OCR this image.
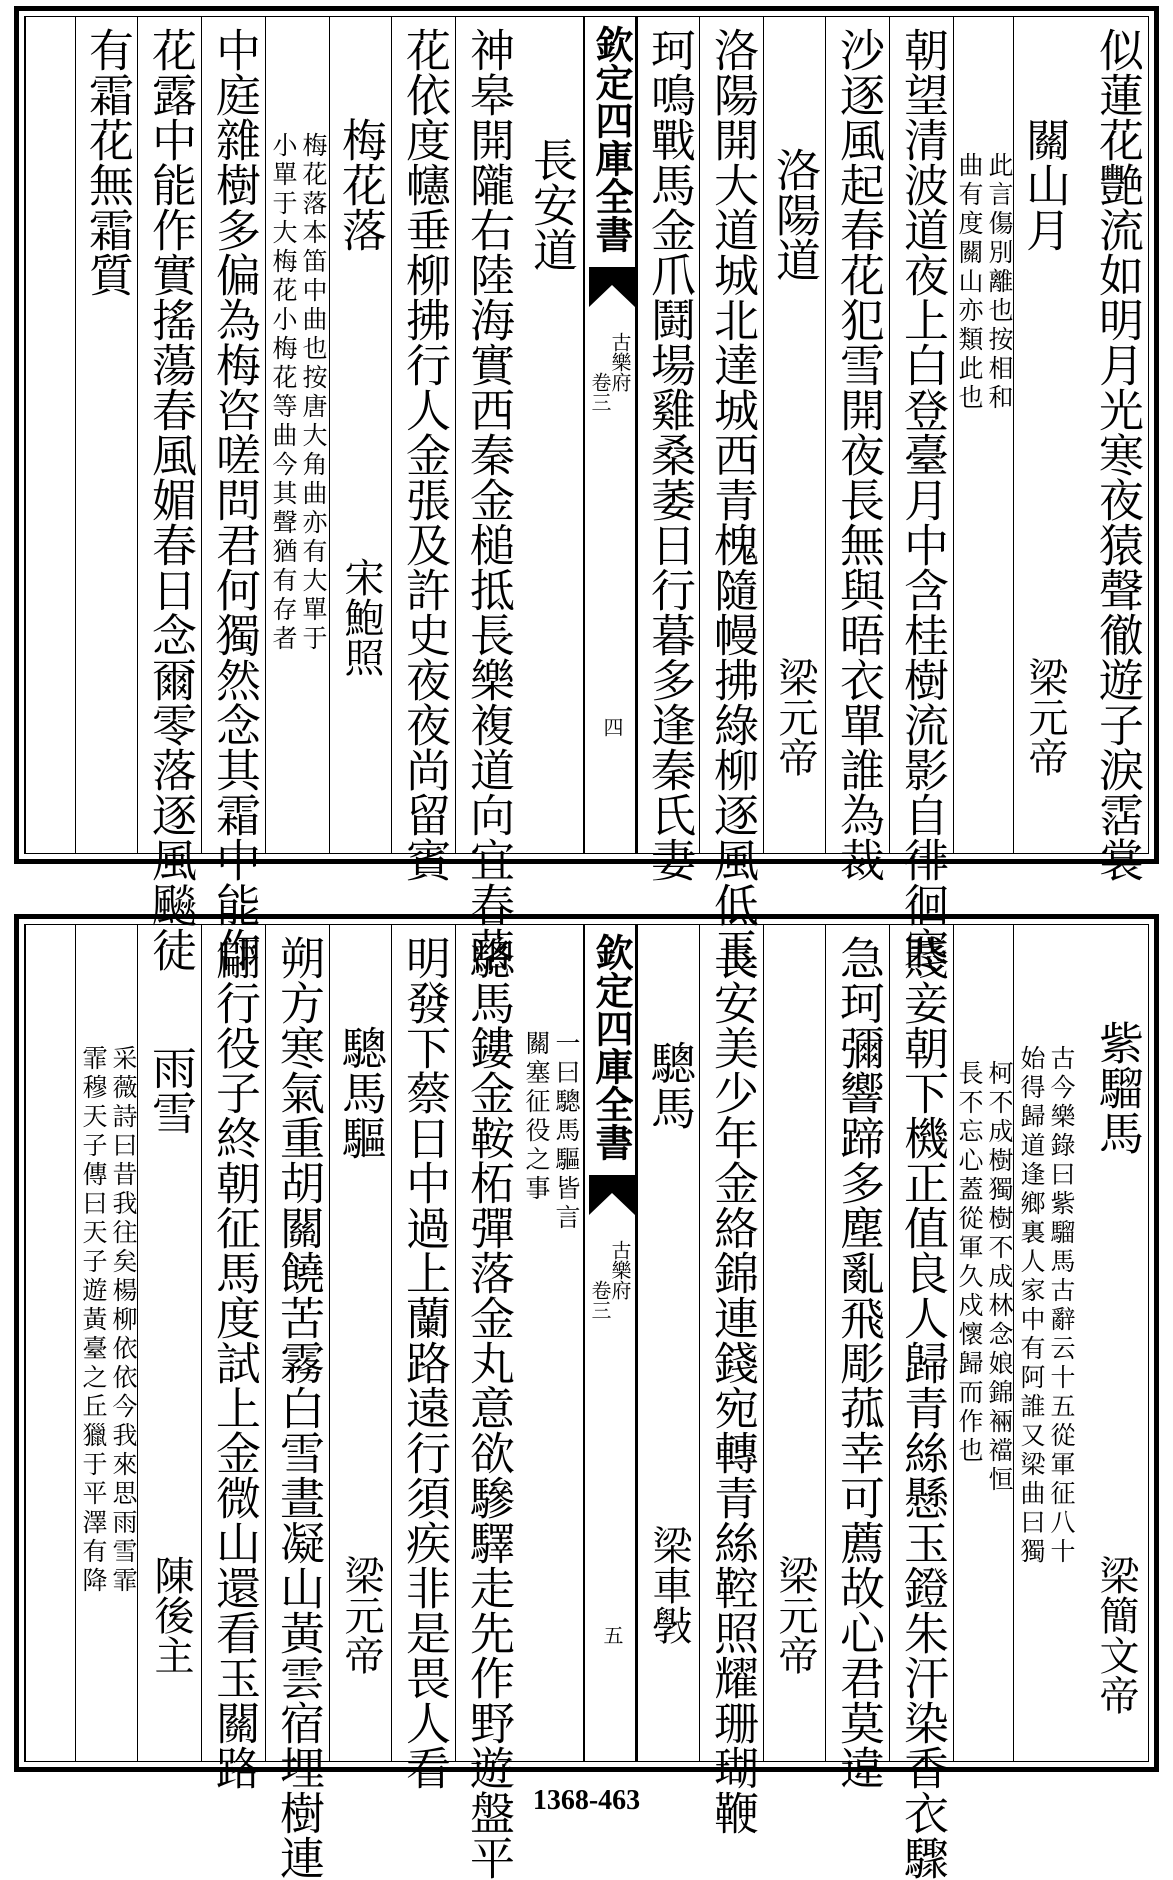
似蓮花艷流如明月光寒夜猿聲徹遊子淚霑裳
關山月
梁元帝
此言傷別離也按相和
曲有度關山亦類此也
朝望清波道夜上白登臺月中含桂樹流影自徘徊寒
沙逐風起春花犯雪開夜長無與晤衣單誰為裁
洛陽道
梁元帝
洛陽開大道城北達城西青槐隨幔拂綠柳逐風低玉
珂鳴戰馬金爪鬪場雞桑萎日行暮多逢秦氏妻
欽定四庫全書
古樂府
卷三
四
長安道
神皋開隴右陸海實西秦金槌抵長樂複道向宜春落
花依度幰垂柳拂行人金張及許史夜夜尚留賓
梅花落
宋鮑照
梅花落本笛中曲也按唐大角曲亦有大單于
小單于大梅花小梅花等曲今其聲猶有存者
中庭雜樹多偏為梅咨嗟問君何獨然念其霜中能作
花露中能作實搖蕩春風媚春日念爾零落逐風飈徒
有霜花無霜質
紫騮馬
梁簡文帝
古今樂錄曰紫騮馬古辭云十五從軍征八十
始得歸道逢鄉裏人家中有阿誰又梁曲曰獨
柯不成樹獨樹不成林念娘錦裲襠恒
長不忘心蓋從軍久戍懷歸而作也
賤妾朝下機正值良人歸青絲懸玉鐙朱汗染香衣驟
急珂彌響蹄多塵亂飛彫菰幸可薦故心君莫違
梁元帝
長安美少年金絡錦連錢宛轉青絲鞚照耀珊瑚鞭
驄馬
梁車斅
欽定四庫全書
古樂府
卷三
五
一曰驄馬驅皆言
關塞征役之事
驄馬鏤金鞍柘彈落金丸意欲驂驛走先作野遊盤平
明發下蔡日中過上蘭路遠行須疾非是畏人看
驄馬驅
梁元帝
朔方寒氣重胡關饒苦霧白雪晝凝山黃雲宿埋樹連
翩行役子終朝征馬度試上金微山還看玉關路
雨雪
陳後主
采薇詩曰昔我往矣楊柳依依今我來思雨雪霏
霏穆天子傳曰天子遊黃臺之丘獵于平澤有降
1368-463
